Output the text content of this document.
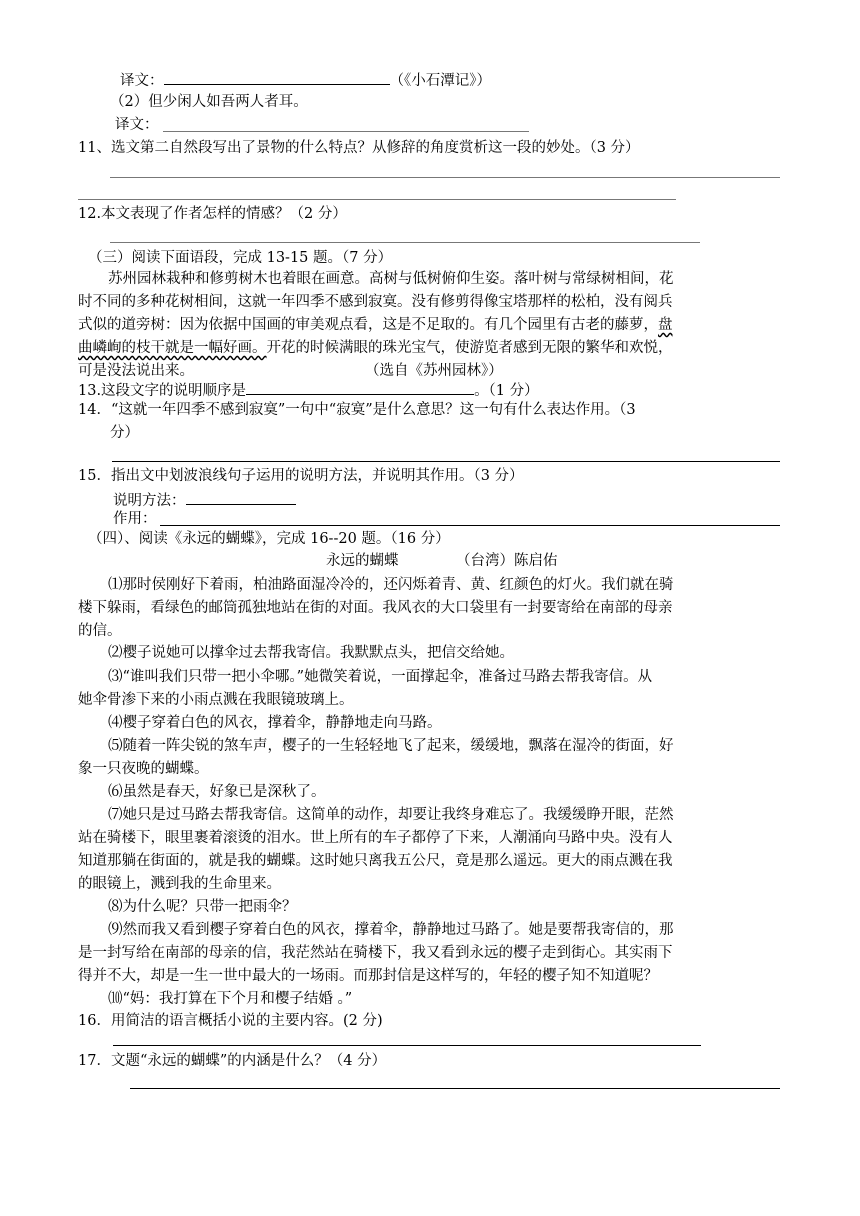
译文：	（《小石潭记》）
（2）但少闲人如吾两人者耳。
译文：
11、选文第二自然段写出了景物的什么特点？从修辞的角度赏析这一段的妙处。（3 分）
12.本文表现了作者怎样的情感？（2 分）
（三）阅读下面语段，完成 13-15 题。（7 分）
苏州园林栽种和修剪树木也着眼在画意。高树与低树俯仰生姿。落叶树与常绿树相间，花
时不同的多种花树相间，这就一年四季不感到寂寞。没有修剪得像宝塔那样的松柏，没有阅兵
式似的道旁树：因为依据中国画的审美观点看，这是不足取的。有几个园里有古老的藤萝，盘
曲嶙峋的枝干就是一幅好画。开花的时候满眼的珠光宝气，使游览者感到无限的繁华和欢悦，
可是没法说出来。	（选自《苏州园林》）
13.这段文字的说明顺序是	。（1 分）
14．“这就一年四季不感到寂寞”一句中“寂寞”是什么意思？这一句有什么表达作用。（3
分）
15．指出文中划波浪线句子运用的说明方法，并说明其作用。（3 分）
说明方法：
作用：
（四）、阅读《永远的蝴蝶》，完成 16--20 题。（16 分）
永远的蝴蝶	（台湾）陈启佑
⑴那时侯刚好下着雨，柏油路面湿冷冷的，还闪烁着青、黄、红颜色的灯火。我们就在骑
楼下躲雨，看绿色的邮筒孤独地站在街的对面。我风衣的大口袋里有一封要寄给在南部的母亲
的信。
⑵樱子说她可以撑伞过去帮我寄信。我默默点头，把信交给她。
⑶“谁叫我们只带一把小伞哪。”她微笑着说，一面撑起伞，准备过马路去帮我寄信。从
她伞骨渗下来的小雨点溅在我眼镜玻璃上。
⑷樱子穿着白色的风衣，撑着伞，静静地走向马路。
⑸随着一阵尖锐的煞车声，樱子的一生轻轻地飞了起来，缓缓地，飘落在湿冷的街面，好
象一只夜晚的蝴蝶。
⑹虽然是春天，好象已是深秋了。
⑺她只是过马路去帮我寄信。这简单的动作，却要让我终身难忘了。我缓缓睁开眼，茫然
站在骑楼下，眼里裹着滚烫的泪水。世上所有的车子都停了下来，人潮涌向马路中央。没有人
知道那躺在街面的，就是我的蝴蝶。这时她只离我五公尺，竟是那么遥远。更大的雨点溅在我
的眼镜上，溅到我的生命里来。
⑻为什么呢？只带一把雨伞？
⑼然而我又看到樱子穿着白色的风衣，撑着伞，静静地过马路了。她是要帮我寄信的，那
是一封写给在南部的母亲的信，我茫然站在骑楼下，我又看到永远的樱子走到街心。其实雨下
得并不大，却是一生一世中最大的一场雨。而那封信是这样写的，年轻的樱子知不知道呢？
⑽“妈：我打算在下个月和樱子结婚 。”
16．用简洁的语言概括小说的主要内容。(2 分)
17．文题“永远的蝴蝶”的内涵是什么？（4 分）
